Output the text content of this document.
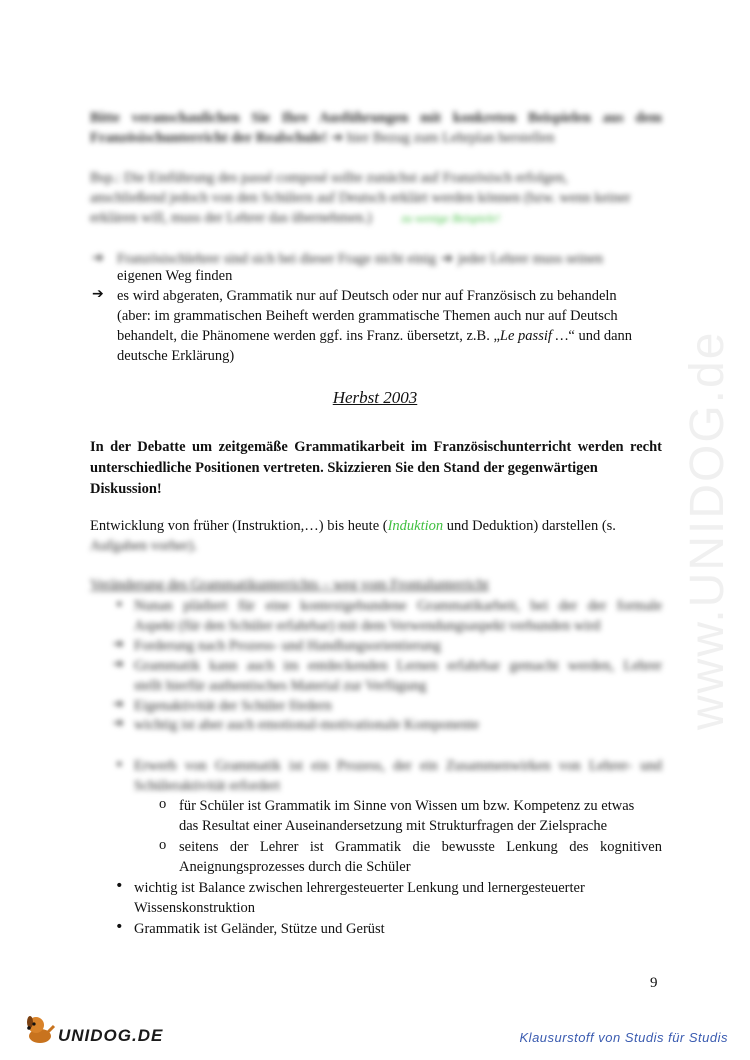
www.UNIDOG.de
Bitte veranschaulichen Sie Ihre Ausführungen mit konkreten Beispielen aus dem
Französischunterricht der Realschule! ➔ hier Bezug zum Lehrplan herstellen
Bsp.: Die Einführung des passé composé sollte zunächst auf Französisch erfolgen,
anschließend jedoch von den Schülern auf Deutsch erklärt werden können (bzw. wenn keiner
erklären will, muss der Lehrer das übernehmen.) zu wenige Beispiele!
➔ Französischlehrer sind sich bei dieser Frage nicht einig ➔ jeder Lehrer muss seinen
eigenen Weg finden
➔ es wird abgeraten, Grammatik nur auf Deutsch oder nur auf Französisch zu behandeln
(aber: im grammatischen Beiheft werden grammatische Themen auch nur auf Deutsch
behandelt, die Phänomene werden ggf. ins Franz. übersetzt, z.B. „Le passif …“ und dann
deutsche Erklärung)
Herbst 2003
In der Debatte um zeitgemäße Grammatikarbeit im Französischunterricht werden recht
unterschiedliche Positionen vertreten. Skizzieren Sie den Stand der gegenwärtigen
Diskussion!
Entwicklung von früher (Instruktion,…) bis heute (Induktion und Deduktion) darstellen (s.
Aufgaben vorher).
Veränderung des Grammatikunterrichts – weg vom Frontalunterricht
• Nunan plädiert für eine kontextgebundene Grammatikarbeit, bei der der formale
Aspekt (für den Schüler erfahrbar) mit dem Verwendungsaspekt verbunden wird
➔ Forderung nach Prozess- und Handlungsorientierung
➔ Grammatik kann auch im entdeckenden Lernen erfahrbar gemacht werden, Lehrer
stellt hierfür authentisches Material zur Verfügung
➔ Eigenaktivität der Schüler fördern
➔ wichtig ist aber auch emotional-motivationale Komponente
• Erwerb von Grammatik ist ein Prozess, der ein Zusammenwirken von Lehrer- und
Schüleraktivität erfordert
o für Schüler ist Grammatik im Sinne von Wissen um bzw. Kompetenz zu etwas
das Resultat einer Auseinandersetzung mit Strukturfragen der Zielsprache
o seitens der Lehrer ist Grammatik die bewusste Lenkung des kognitiven
Aneignungsprozesses durch die Schüler
• wichtig ist Balance zwischen lehrergesteuerter Lenkung und lernergesteuerter
Wissenskonstruktion
• Grammatik ist Geländer, Stütze und Gerüst
9
UNIDOG.DE	Klausurstoff von Studis für Studis
